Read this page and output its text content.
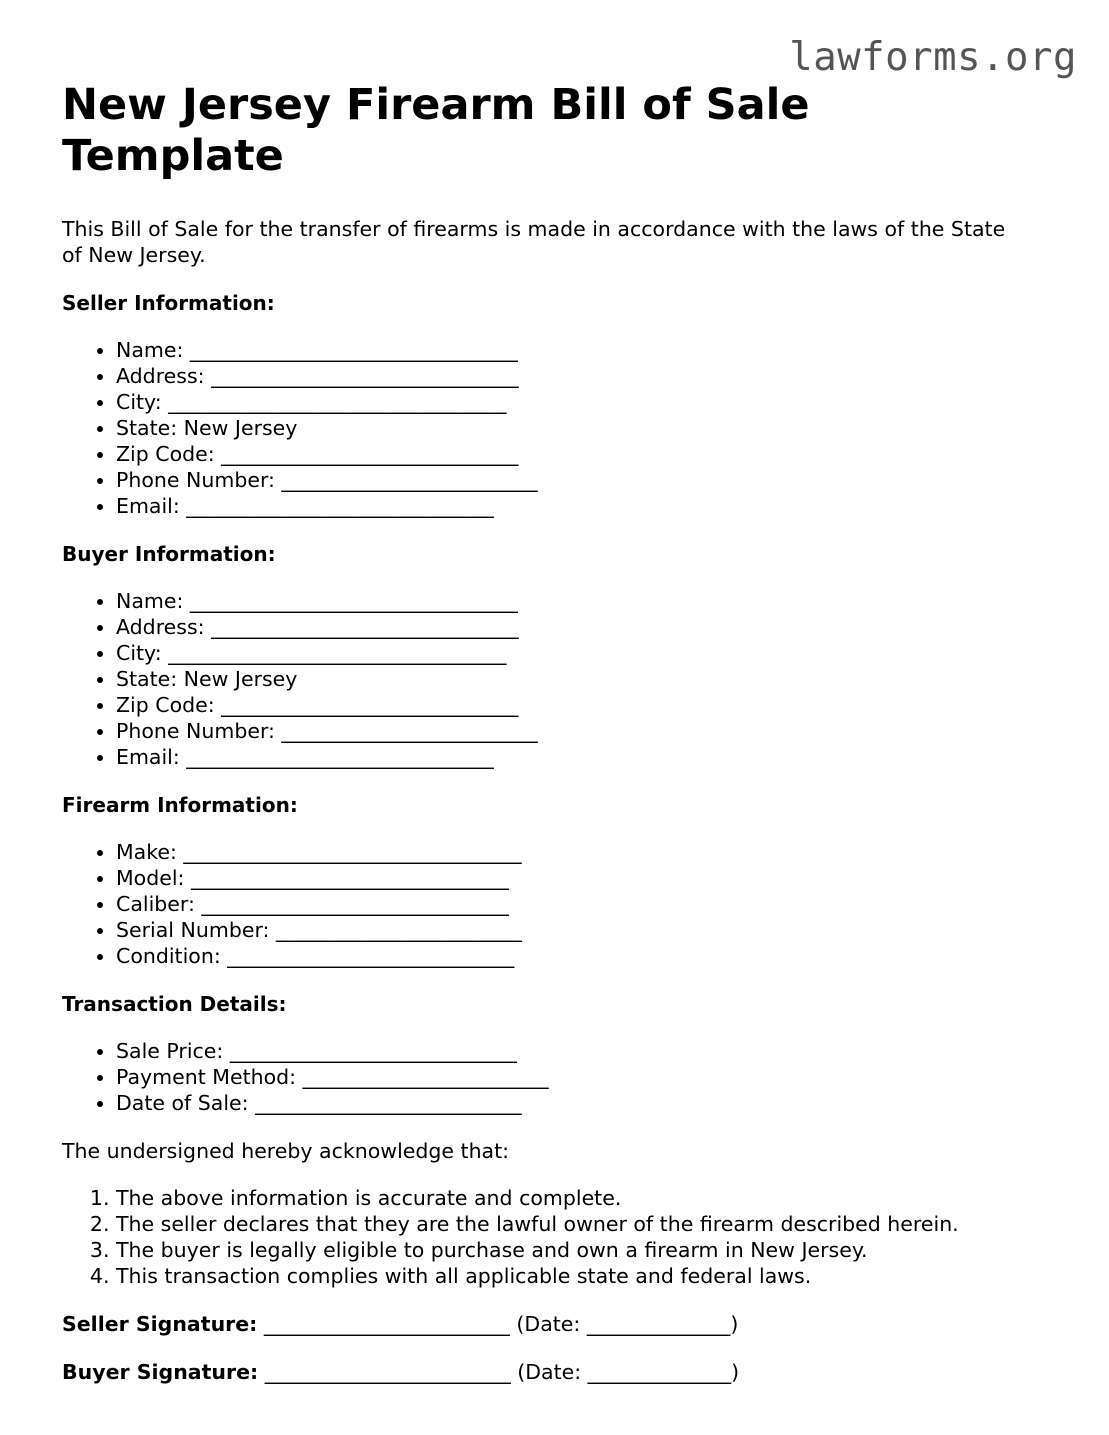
lawforms.org
New Jersey Firearm Bill of Sale Template

This Bill of Sale for the transfer of firearms is made in accordance with the laws of the State of New Jersey.

Seller Information:
• Name: ________________________________
• Address: ______________________________
• City: _________________________________
• State: New Jersey
• Zip Code: _____________________________
• Phone Number: _________________________
• Email: ______________________________
Buyer Information:
• Name: ________________________________
• Address: ______________________________
• City: _________________________________
• State: New Jersey
• Zip Code: _____________________________
• Phone Number: _________________________
• Email: ______________________________
Firearm Information:
• Make: _________________________________
• Model: _______________________________
• Caliber: ______________________________
• Serial Number: ________________________
• Condition: ____________________________
Transaction Details:
• Sale Price: ____________________________
• Payment Method: ________________________
• Date of Sale: __________________________

The undersigned hereby acknowledge that:

1. The above information is accurate and complete.
2. The seller declares that they are the lawful owner of the firearm described herein.
3. The buyer is legally eligible to purchase and own a firearm in New Jersey.
4. This transaction complies with all applicable state and federal laws.

Seller Signature: ________________________ (Date: ______________)

Buyer Signature: ________________________ (Date: ______________)
